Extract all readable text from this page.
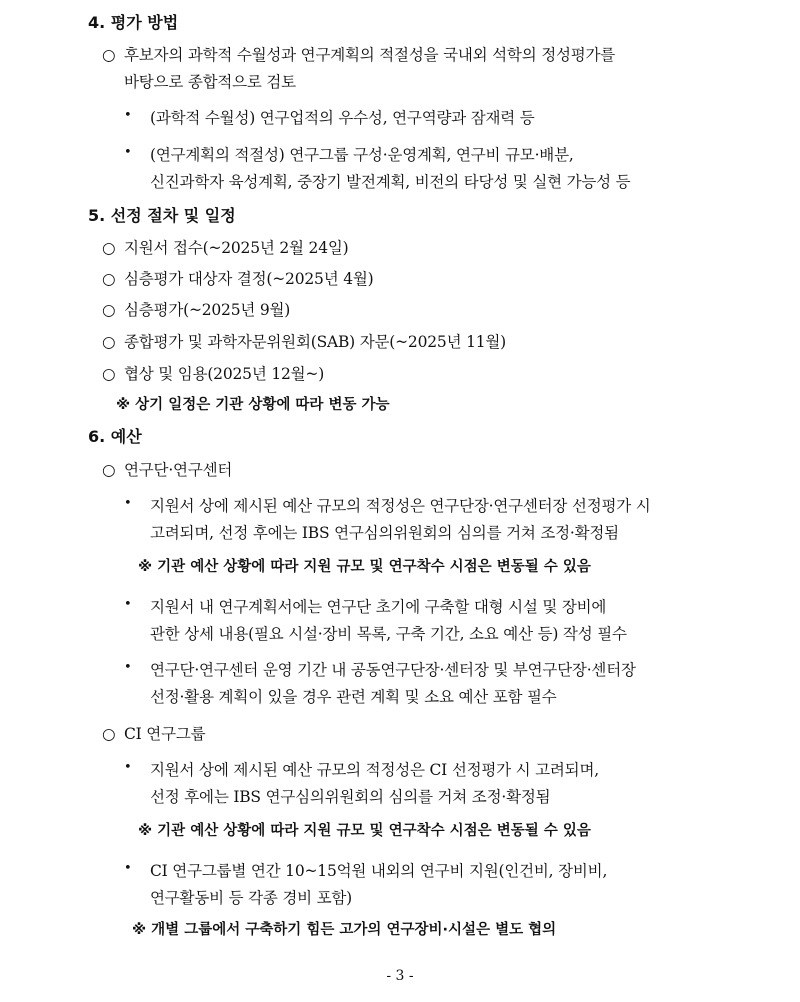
4. 평가 방법
○ 후보자의 과학적 수월성과 연구계획의 적절성을 국내외 석학의 정성평가를
바탕으로 종합적으로 검토
• (과학적 수월성) 연구업적의 우수성, 연구역량과 잠재력 등
• (연구계획의 적절성) 연구그룹 구성·운영계획, 연구비 규모·배분,
신진과학자 육성계획, 중장기 발전계획, 비전의 타당성 및 실현 가능성 등
5. 선정 절차 및 일정
○ 지원서 접수(~2025년 2월 24일)
○ 심층평가 대상자 결정(~2025년 4월)
○ 심층평가(~2025년 9월)
○ 종합평가 및 과학자문위원회(SAB) 자문(~2025년 11월)
○ 협상 및 임용(2025년 12월~)
※ 상기 일정은 기관 상황에 따라 변동 가능
6. 예산
○ 연구단·연구센터
• 지원서 상에 제시된 예산 규모의 적정성은 연구단장·연구센터장 선정평가 시
고려되며, 선정 후에는 IBS 연구심의위원회의 심의를 거쳐 조정·확정됨
※ 기관 예산 상황에 따라 지원 규모 및 연구착수 시점은 변동될 수 있음
• 지원서 내 연구계획서에는 연구단 초기에 구축할 대형 시설 및 장비에
관한 상세 내용(필요 시설·장비 목록, 구축 기간, 소요 예산 등) 작성 필수
• 연구단·연구센터 운영 기간 내 공동연구단장·센터장 및 부연구단장·센터장
선정·활용 계획이 있을 경우 관련 계획 및 소요 예산 포함 필수
○ CI 연구그룹
• 지원서 상에 제시된 예산 규모의 적정성은 CI 선정평가 시 고려되며,
선정 후에는 IBS 연구심의위원회의 심의를 거쳐 조정·확정됨
※ 기관 예산 상황에 따라 지원 규모 및 연구착수 시점은 변동될 수 있음
• CI 연구그룹별 연간 10~15억원 내외의 연구비 지원(인건비, 장비비,
연구활동비 등 각종 경비 포함)
※ 개별 그룹에서 구축하기 힘든 고가의 연구장비·시설은 별도 협의
- 3 -
